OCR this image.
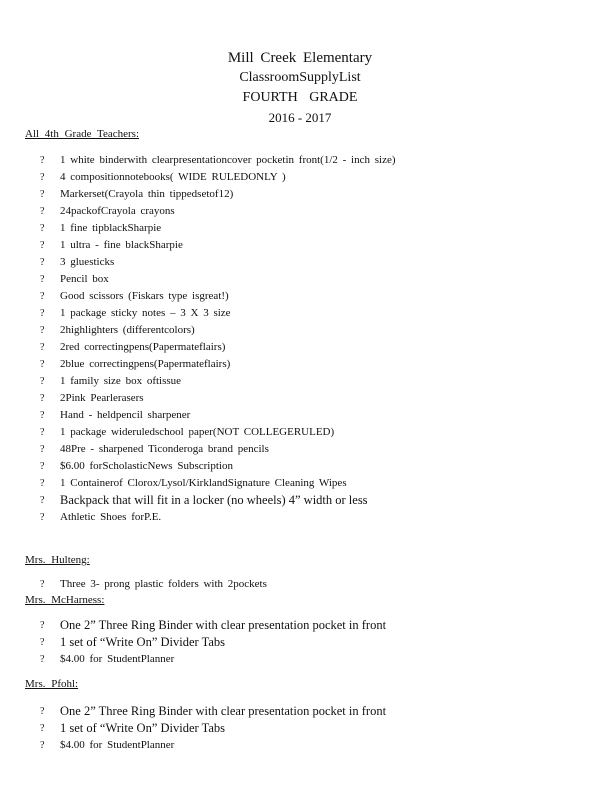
Mill Creek Elementary
ClassroomSupplyList
FOURTH GRADE
2016 - 2017
All 4th Grade Teachers:
? 1 white binderwith clearpresentationcover pocketin front(1/2 - inch size)
? 4 compositionnotebooks( WIDE RULEDONLY )
? Markerset(Crayola thin tippedsetof12)
? 24packofCrayola crayons
? 1 fine tipblackSharpie
? 1 ultra - fine blackSharpie
? 3 gluesticks
? Pencil box
? Good scissors (Fiskars type isgreat!)
? 1 package sticky notes – 3 X 3 size
? 2highlighters (differentcolors)
? 2red correctingpens(Papermateflairs)
? 2blue correctingpens(Papermateflairs)
? 1 family size box oftissue
? 2Pink Pearlerasers
? Hand - heldpencil sharpener
? 1 package wideruledschool paper(NOT COLLEGERULED)
? 48Pre - sharpened Ticonderoga brand pencils
? $6.00 forScholasticNews Subscription
? 1 Containerof Clorox/Lysol/KirklandSignature Cleaning Wipes
? Backpack that will fit in a locker (no wheels) 4” width or less
? Athletic Shoes forP.E.
Mrs. Hulteng:
? Three 3- prong plastic folders with 2pockets
Mrs. McHarness:
? One 2” Three Ring Binder with clear presentation pocket in front
? 1 set of “Write On” Divider Tabs
? $4.00 for StudentPlanner
Mrs. Pfohl:
? One 2” Three Ring Binder with clear presentation pocket in front
? 1 set of “Write On” Divider Tabs
? $4.00 for StudentPlanner
